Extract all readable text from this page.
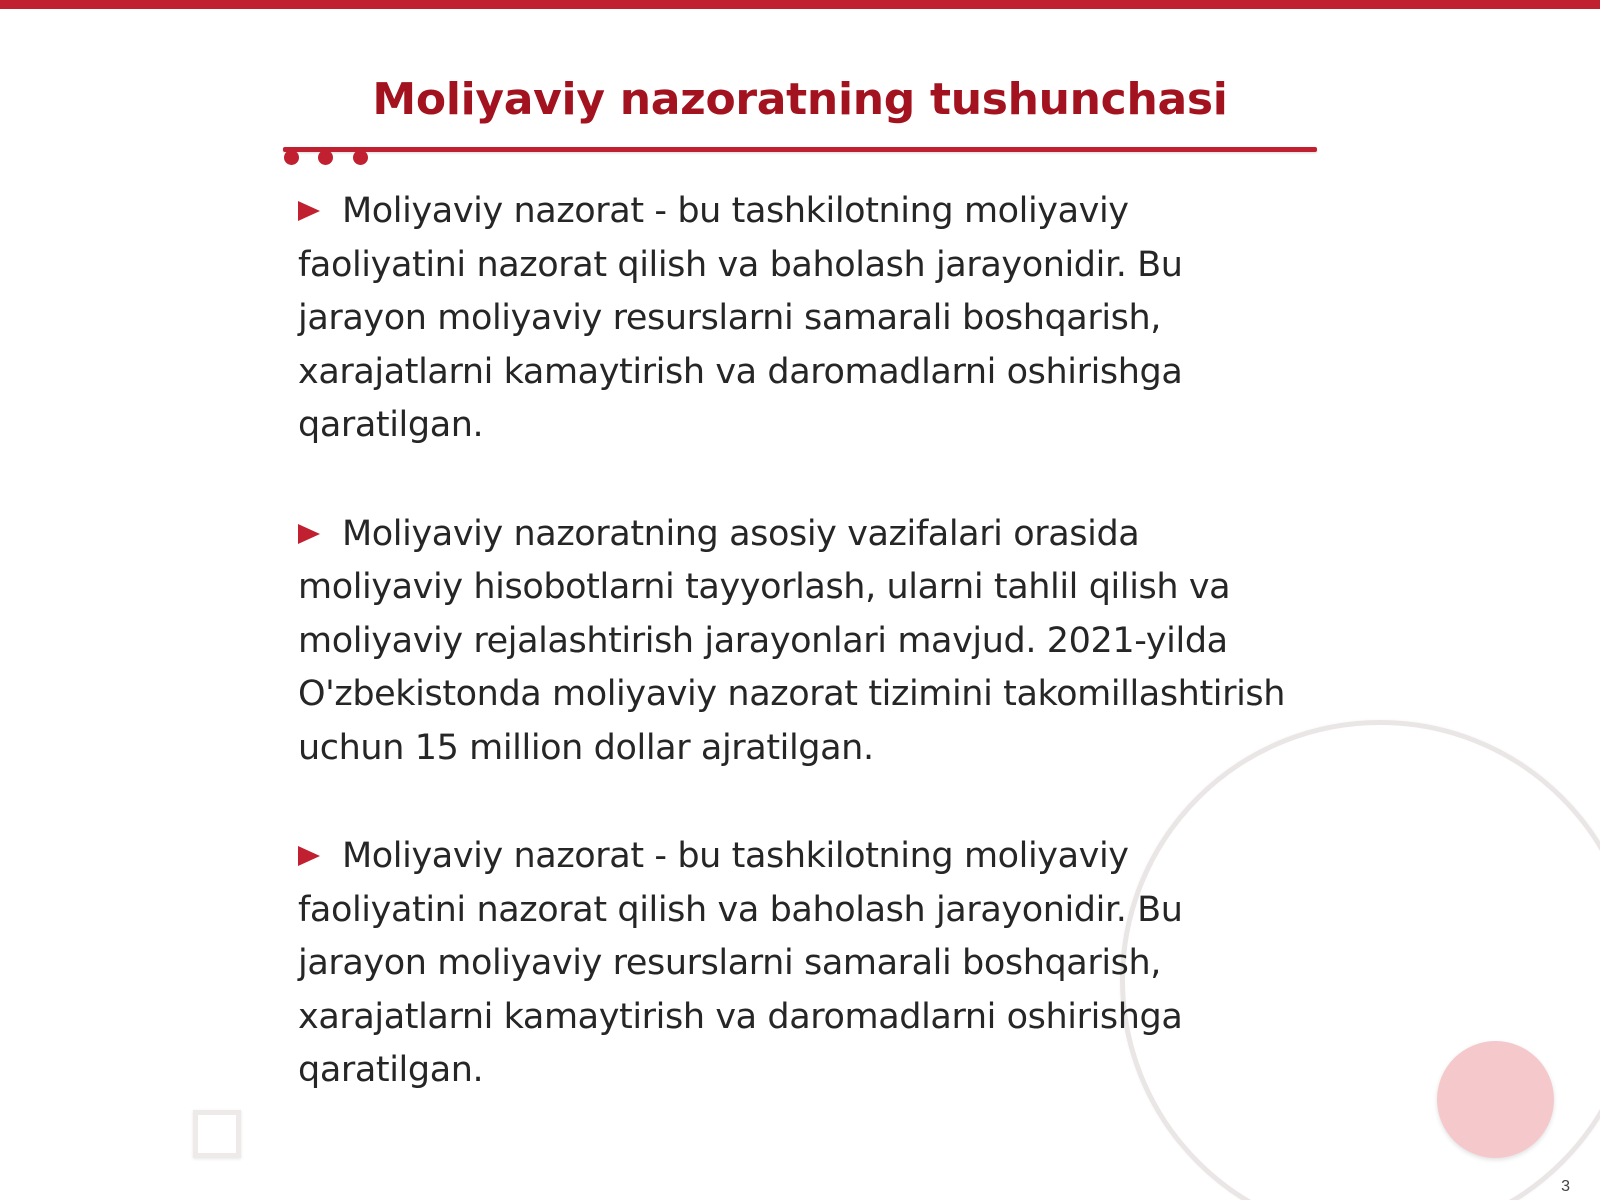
Moliyaviy nazoratning tushunchasi

Moliyaviy nazorat - bu tashkilotning moliyaviy faoliyatini nazorat qilish va baholash jarayonidir. Bu jarayon moliyaviy resurslarni samarali boshqarish, xarajatlarni kamaytirish va daromadlarni oshirishga qaratilgan.

Moliyaviy nazoratning asosiy vazifalari orasida moliyaviy hisobotlarni tayyorlash, ularni tahlil qilish va moliyaviy rejalashtirish jarayonlari mavjud. 2021-yilda O'zbekistonda moliyaviy nazorat tizimini takomillashtirish uchun 15 million dollar ajratilgan.

Moliyaviy nazorat - bu tashkilotning moliyaviy faoliyatini nazorat qilish va baholash jarayonidir. Bu jarayon moliyaviy resurslarni samarali boshqarish, xarajatlarni kamaytirish va daromadlarni oshirishga qaratilgan.

3
